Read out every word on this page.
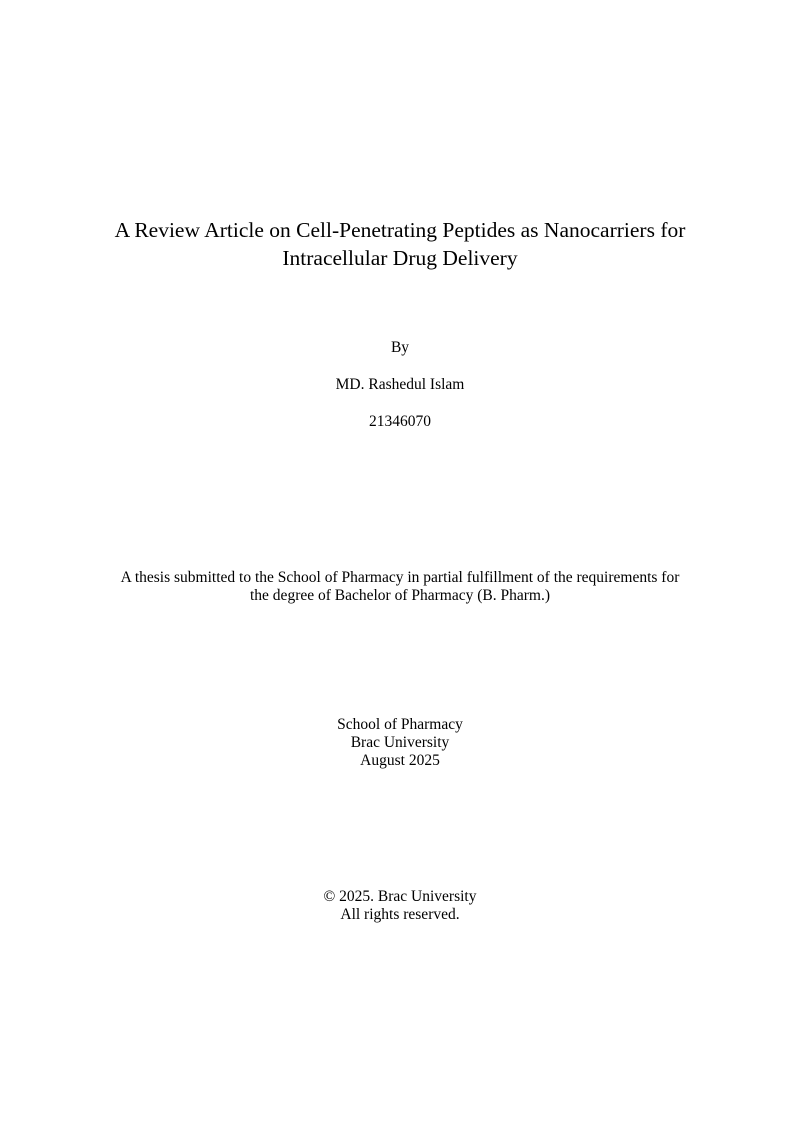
A Review Article on Cell-Penetrating Peptides as Nanocarriers for
Intracellular Drug Delivery
By
MD. Rashedul Islam
21346070
A thesis submitted to the School of Pharmacy in partial fulfillment of the requirements for
the degree of Bachelor of Pharmacy (B. Pharm.)
School of Pharmacy
Brac University
August 2025
© 2025. Brac University
All rights reserved.
